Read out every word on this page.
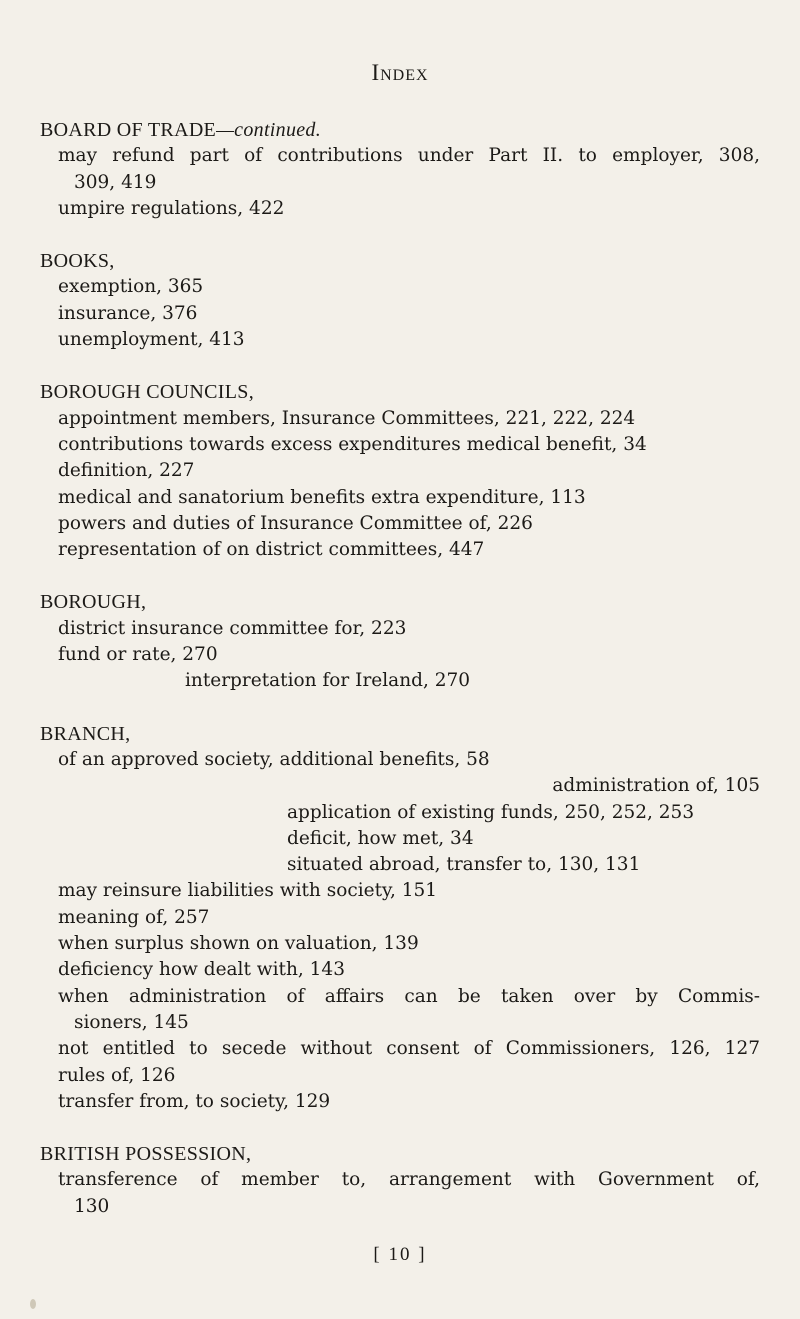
Index
BOARD OF TRADE—continued.
may refund part of contributions under Part II. to employer, 308,
309, 419
umpire regulations, 422
BOOKS,
exemption, 365
insurance, 376
unemployment, 413
BOROUGH COUNCILS,
appointment members, Insurance Committees, 221, 222, 224
contributions towards excess expenditures medical benefit, 34
definition, 227
medical and sanatorium benefits extra expenditure, 113
powers and duties of Insurance Committee of, 226
representation of on district committees, 447
BOROUGH,
district insurance committee for, 223
fund or rate, 270
interpretation for Ireland, 270
BRANCH,
of an approved society, additional benefits, 58
administration of, 105
application of existing funds, 250, 252, 253
deficit, how met, 34
situated abroad, transfer to, 130, 131
may reinsure liabilities with society, 151
meaning of, 257
when surplus shown on valuation, 139
deficiency how dealt with, 143
when administration of affairs can be taken over by Commis-
sioners, 145
not entitled to secede without consent of Commissioners, 126, 127
rules of, 126
transfer from, to society, 129
BRITISH POSSESSION,
transference of member to, arrangement with Government of,
130
[ 10 ]
